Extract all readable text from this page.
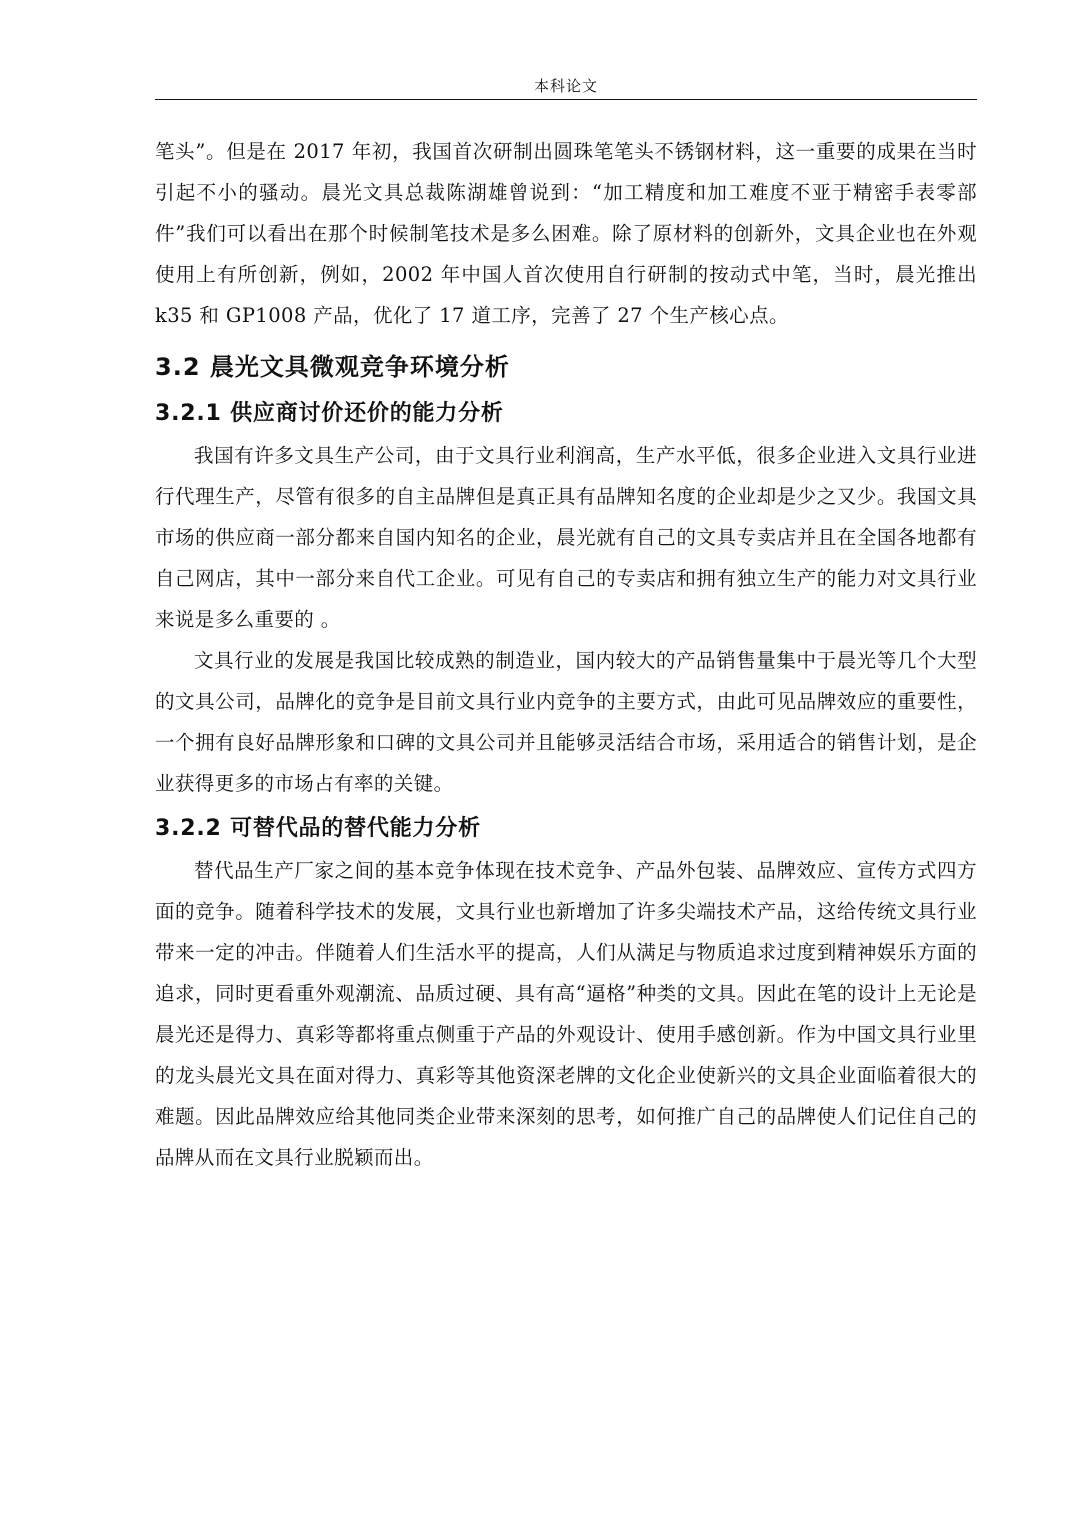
本科论文

笔头”。但是在 2017 年初，我国首次研制出圆珠笔笔头不锈钢材料，这一重要的成果在当时引起不小的骚动。晨光文具总裁陈湖雄曾说到：“加工精度和加工难度不亚于精密手表零部件”我们可以看出在那个时候制笔技术是多么困难。除了原材料的创新外，文具企业也在外观使用上有所创新，例如，2002 年中国人首次使用自行研制的按动式中笔，当时，晨光推出 k35 和 GP1008 产品，优化了 17 道工序，完善了 27 个生产核心点。

3.2 晨光文具微观竞争环境分析
3.2.1 供应商讨价还价的能力分析

我国有许多文具生产公司，由于文具行业利润高，生产水平低，很多企业进入文具行业进行代理生产，尽管有很多的自主品牌但是真正具有品牌知名度的企业却是少之又少。我国文具市场的供应商一部分都来自国内知名的企业，晨光就有自己的文具专卖店并且在全国各地都有自己网店，其中一部分来自代工企业。可见有自己的专卖店和拥有独立生产的能力对文具行业来说是多么重要的 。

文具行业的发展是我国比较成熟的制造业，国内较大的产品销售量集中于晨光等几个大型的文具公司，品牌化的竞争是目前文具行业内竞争的主要方式，由此可见品牌效应的重要性，一个拥有良好品牌形象和口碑的文具公司并且能够灵活结合市场，采用适合的销售计划，是企业获得更多的市场占有率的关键。

3.2.2 可替代品的替代能力分析

替代品生产厂家之间的基本竞争体现在技术竞争、产品外包装、品牌效应、宣传方式四方面的竞争。随着科学技术的发展，文具行业也新增加了许多尖端技术产品，这给传统文具行业带来一定的冲击。伴随着人们生活水平的提高，人们从满足与物质追求过度到精神娱乐方面的追求，同时更看重外观潮流、品质过硬、具有高“逼格”种类的文具。因此在笔的设计上无论是晨光还是得力、真彩等都将重点侧重于产品的外观设计、使用手感创新。作为中国文具行业里的龙头晨光文具在面对得力、真彩等其他资深老牌的文化企业使新兴的文具企业面临着很大的难题。因此品牌效应给其他同类企业带来深刻的思考，如何推广自己的品牌使人们记住自己的品牌从而在文具行业脱颖而出。
